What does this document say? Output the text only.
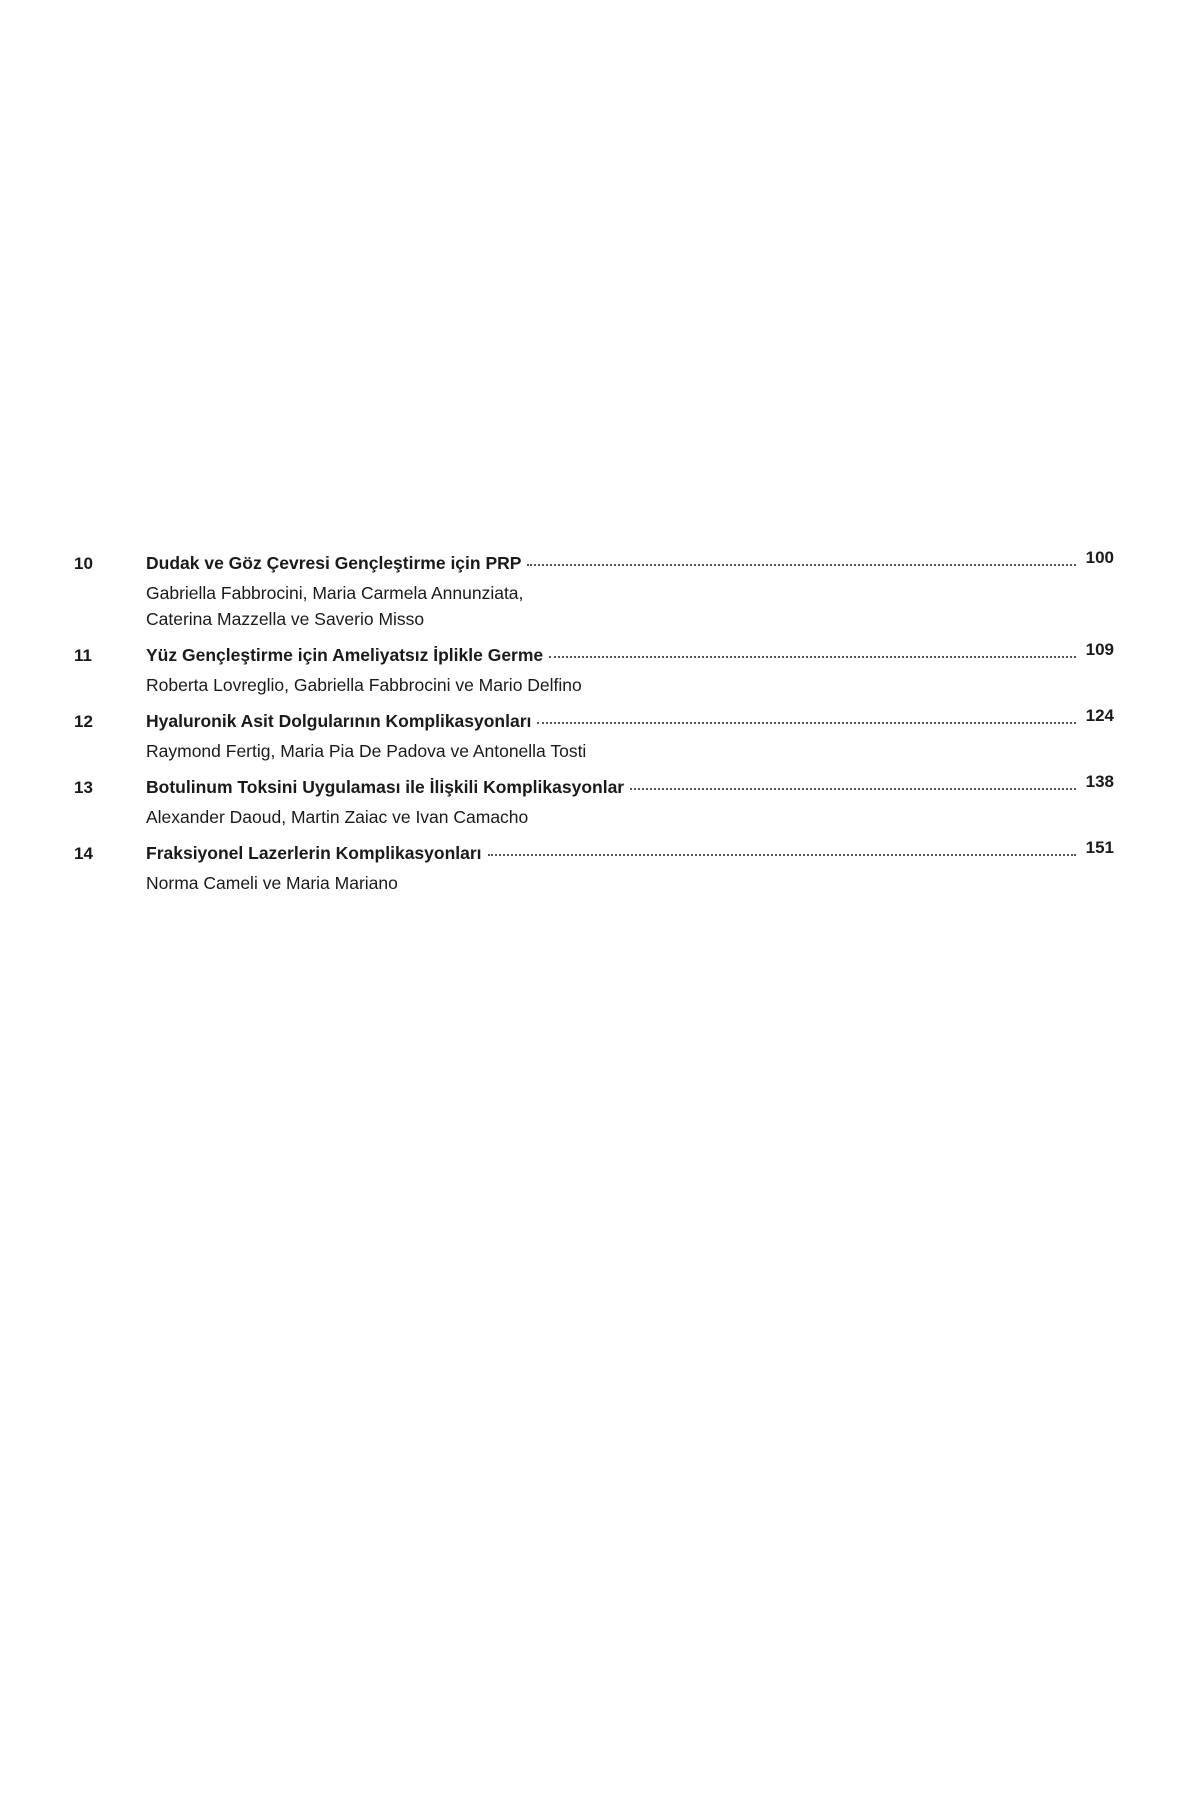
10	Dudak ve Göz Çevresi Gençleştirme için PRP	100
Gabriella Fabbrocini, Maria Carmela Annunziata,
Caterina Mazzella ve Saverio Misso
11	Yüz Gençleştirme için Ameliyatsız İplikle Germe	109
Roberta Lovreglio, Gabriella Fabbrocini ve Mario Delfino
12	Hyaluronik Asit Dolgularının Komplikasyonları	124
Raymond Fertig, Maria Pia De Padova ve Antonella Tosti
13	Botulinum Toksini Uygulaması ile İlişkili Komplikasyonlar	138
Alexander Daoud, Martin Zaiac ve Ivan Camacho
14	Fraksiyonel Lazerlerin Komplikasyonları	151
Norma Cameli ve Maria Mariano
